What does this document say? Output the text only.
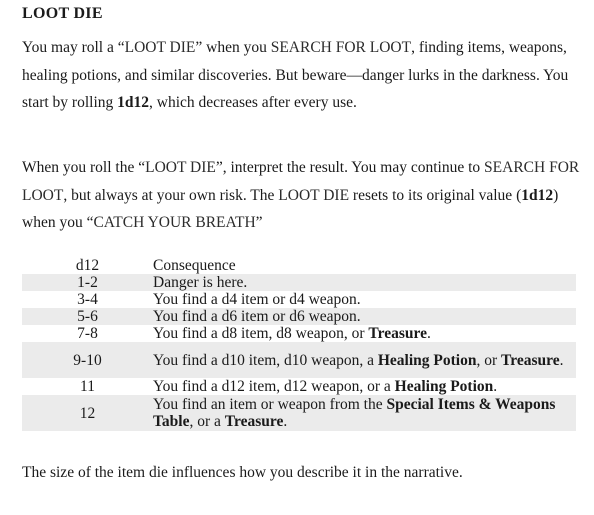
LOOT DIE
You may roll a “LOOT DIE” when you SEARCH FOR LOOT, finding items, weapons, healing potions, and similar discoveries. But beware—danger lurks in the darkness. You start by rolling 1d12, which decreases after every use.
When you roll the “LOOT DIE”, interpret the result. You may continue to SEARCH FOR LOOT, but always at your own risk. The LOOT DIE resets to its original value (1d12) when you “CATCH YOUR BREATH”
d12	Consequence
1-2	Danger is here.
3-4	You find a d4 item or d4 weapon.
5-6	You find a d6 item or d6 weapon.
7-8	You find a d8 item, d8 weapon, or Treasure.
9-10	You find a d10 item, d10 weapon, a Healing Potion, or Treasure.
11	You find a d12 item, d12 weapon, or a Healing Potion.
12	You find an item or weapon from the Special Items & Weapons Table, or a Treasure.
The size of the item die influences how you describe it in the narrative.
